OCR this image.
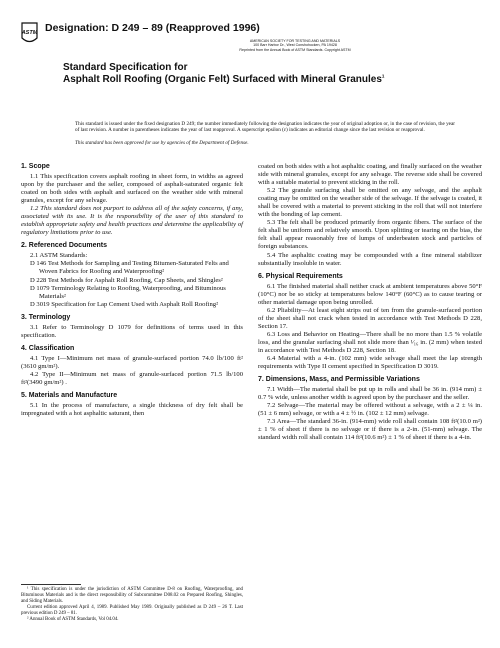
ASTM Designation: D 249 – 89 (Reapproved 1996)
AMERICAN SOCIETY FOR TESTING AND MATERIALS
100 Barr Harbor Dr., West Conshohocken, PA 19428
Reprinted from the Annual Book of ASTM Standards. Copyright ASTM
Standard Specification for
Asphalt Roll Roofing (Organic Felt) Surfaced with Mineral Granules$^1$
This standard is issued under the fixed designation D 249; the number immediately following the designation indicates the year of original adoption or, in the case of revision, the year of last revision. A number in parentheses indicates the year of last reapproval. A superscript epsilon (ε) indicates an editorial change since the last revision or reapproval.
This standard has been approved for use by agencies of the Department of Defense.
1. Scope

1.1 This specification covers asphalt roofing in sheet form, in widths as agreed upon by the purchaser and the seller, composed of asphalt-saturated organic felt coated on both sides with asphalt and surfaced on the weather side with mineral granules, except for any selvage.

1.2 This standard does not purport to address all of the safety concerns, if any, associated with its use. It is the responsibility of the user of this standard to establish appropriate safety and health practices and determine the applicability of regulatory limitations prior to use.

2. Referenced Documents

2.1 ASTM Standards:

D 146 Test Methods for Sampling and Testing Bitumen-Saturated Felts and Woven Fabrics for Roofing and Waterproofing²

D 228 Test Methods for Asphalt Roll Roofing, Cap Sheets, and Shingles²

D 1079 Terminology Relating to Roofing, Waterproofing, and Bituminous Materials²

D 3019 Specification for Lap Cement Used with Asphalt Roll Roofing²

3. Terminology

3.1 Refer to Terminology D 1079 for definitions of terms used in this specification.

4. Classification

4.1 Type I—Minimum net mass of granule-surfaced portion 74.0 lb/100 ft² (3610 gm/m²).

4.2 Type II—Minimum net mass of granule-surfaced portion 71.5 lb/100 ft²(3490 gm/m²) .

5. Materials and Manufacture

5.1 In the process of manufacture, a single thickness of dry felt shall be impregnated with a hot asphaltic saturant, then

coated on both sides with a hot asphaltic coating, and finally surfaced on the weather side with mineral granules, except for any selvage. The reverse side shall be covered with a suitable material to prevent sticking in the roll.

5.2 The granule surfacing shall be omitted on any selvage, and the asphalt coating may be omitted on the weather side of the selvage. If the selvage is coated, it shall be covered with a material to prevent sticking in the roll that will not interfere with the bonding of lap cement.

5.3 The felt shall be produced primarily from organic fibers. The surface of the felt shall be uniform and relatively smooth. Upon splitting or tearing on the bias, the felt shall appear reasonably free of lumps of underbeaten stock and particles of foreign substances.

5.4 The asphaltic coating may be compounded with a fine mineral stabilizer substantially insoluble in water.

6. Physical Requirements

6.1 The finished material shall neither crack at ambient temperatures above 50°F (10°C) nor be so sticky at temperatures below 140°F (60°C) as to cause tearing or other material damage upon being unrolled.

6.2 Pliability—At least eight strips out of ten from the granule-surfaced portion of the sheet shall not crack when tested in accordance with Test Methods D 228, Section 17.

6.3 Loss and Behavior on Heating—There shall be no more than 1.5 % volatile loss, and the granular surfacing shall not slide more than ¹⁄₁₆ in. (2 mm) when tested in accordance with Test Methods D 228, Section 18.

6.4 Material with a 4-in. (102 mm) wide selvage shall meet the lap strength requirements with Type II cement specified in Specification D 3019.

7. Dimensions, Mass, and Permissible Variations

7.1 Width—The material shall be put up in rolls and shall be 36 in. (914 mm) ± 0.7 % wide, unless another width is agreed upon by the purchaser and the seller.

7.2 Selvage—The material may be offered without a selvage, with a 2 ± ¼ in. (51 ± 6 mm) selvage, or with a 4 ± ½ in. (102 ± 12 mm) selvage.

7.3 Area—The standard 36-in. (914-mm) wide roll shall contain 108 ft²(10.0 m²) ± 1 % of sheet if there is no selvage or if there is a 2-in. (51-mm) selvage. The standard width roll shall contain 114 ft²(10.6 m²) ± 1 % of sheet if there is a 4-in.

¹ This specification is under the jurisdiction of ASTM Committee D-8 on Roofing, Waterproofing, and Bituminous Materials and is the direct responsibility of Subcommittee D08.02 on Prepared Roofing, Shingles, and Siding Materials.

Current edition approved April 4, 1989. Published May 1989. Originally published as D 249 – 26 T. Last previous edition D 249 – 81.

² Annual Book of ASTM Standards, Vol 04.04.
